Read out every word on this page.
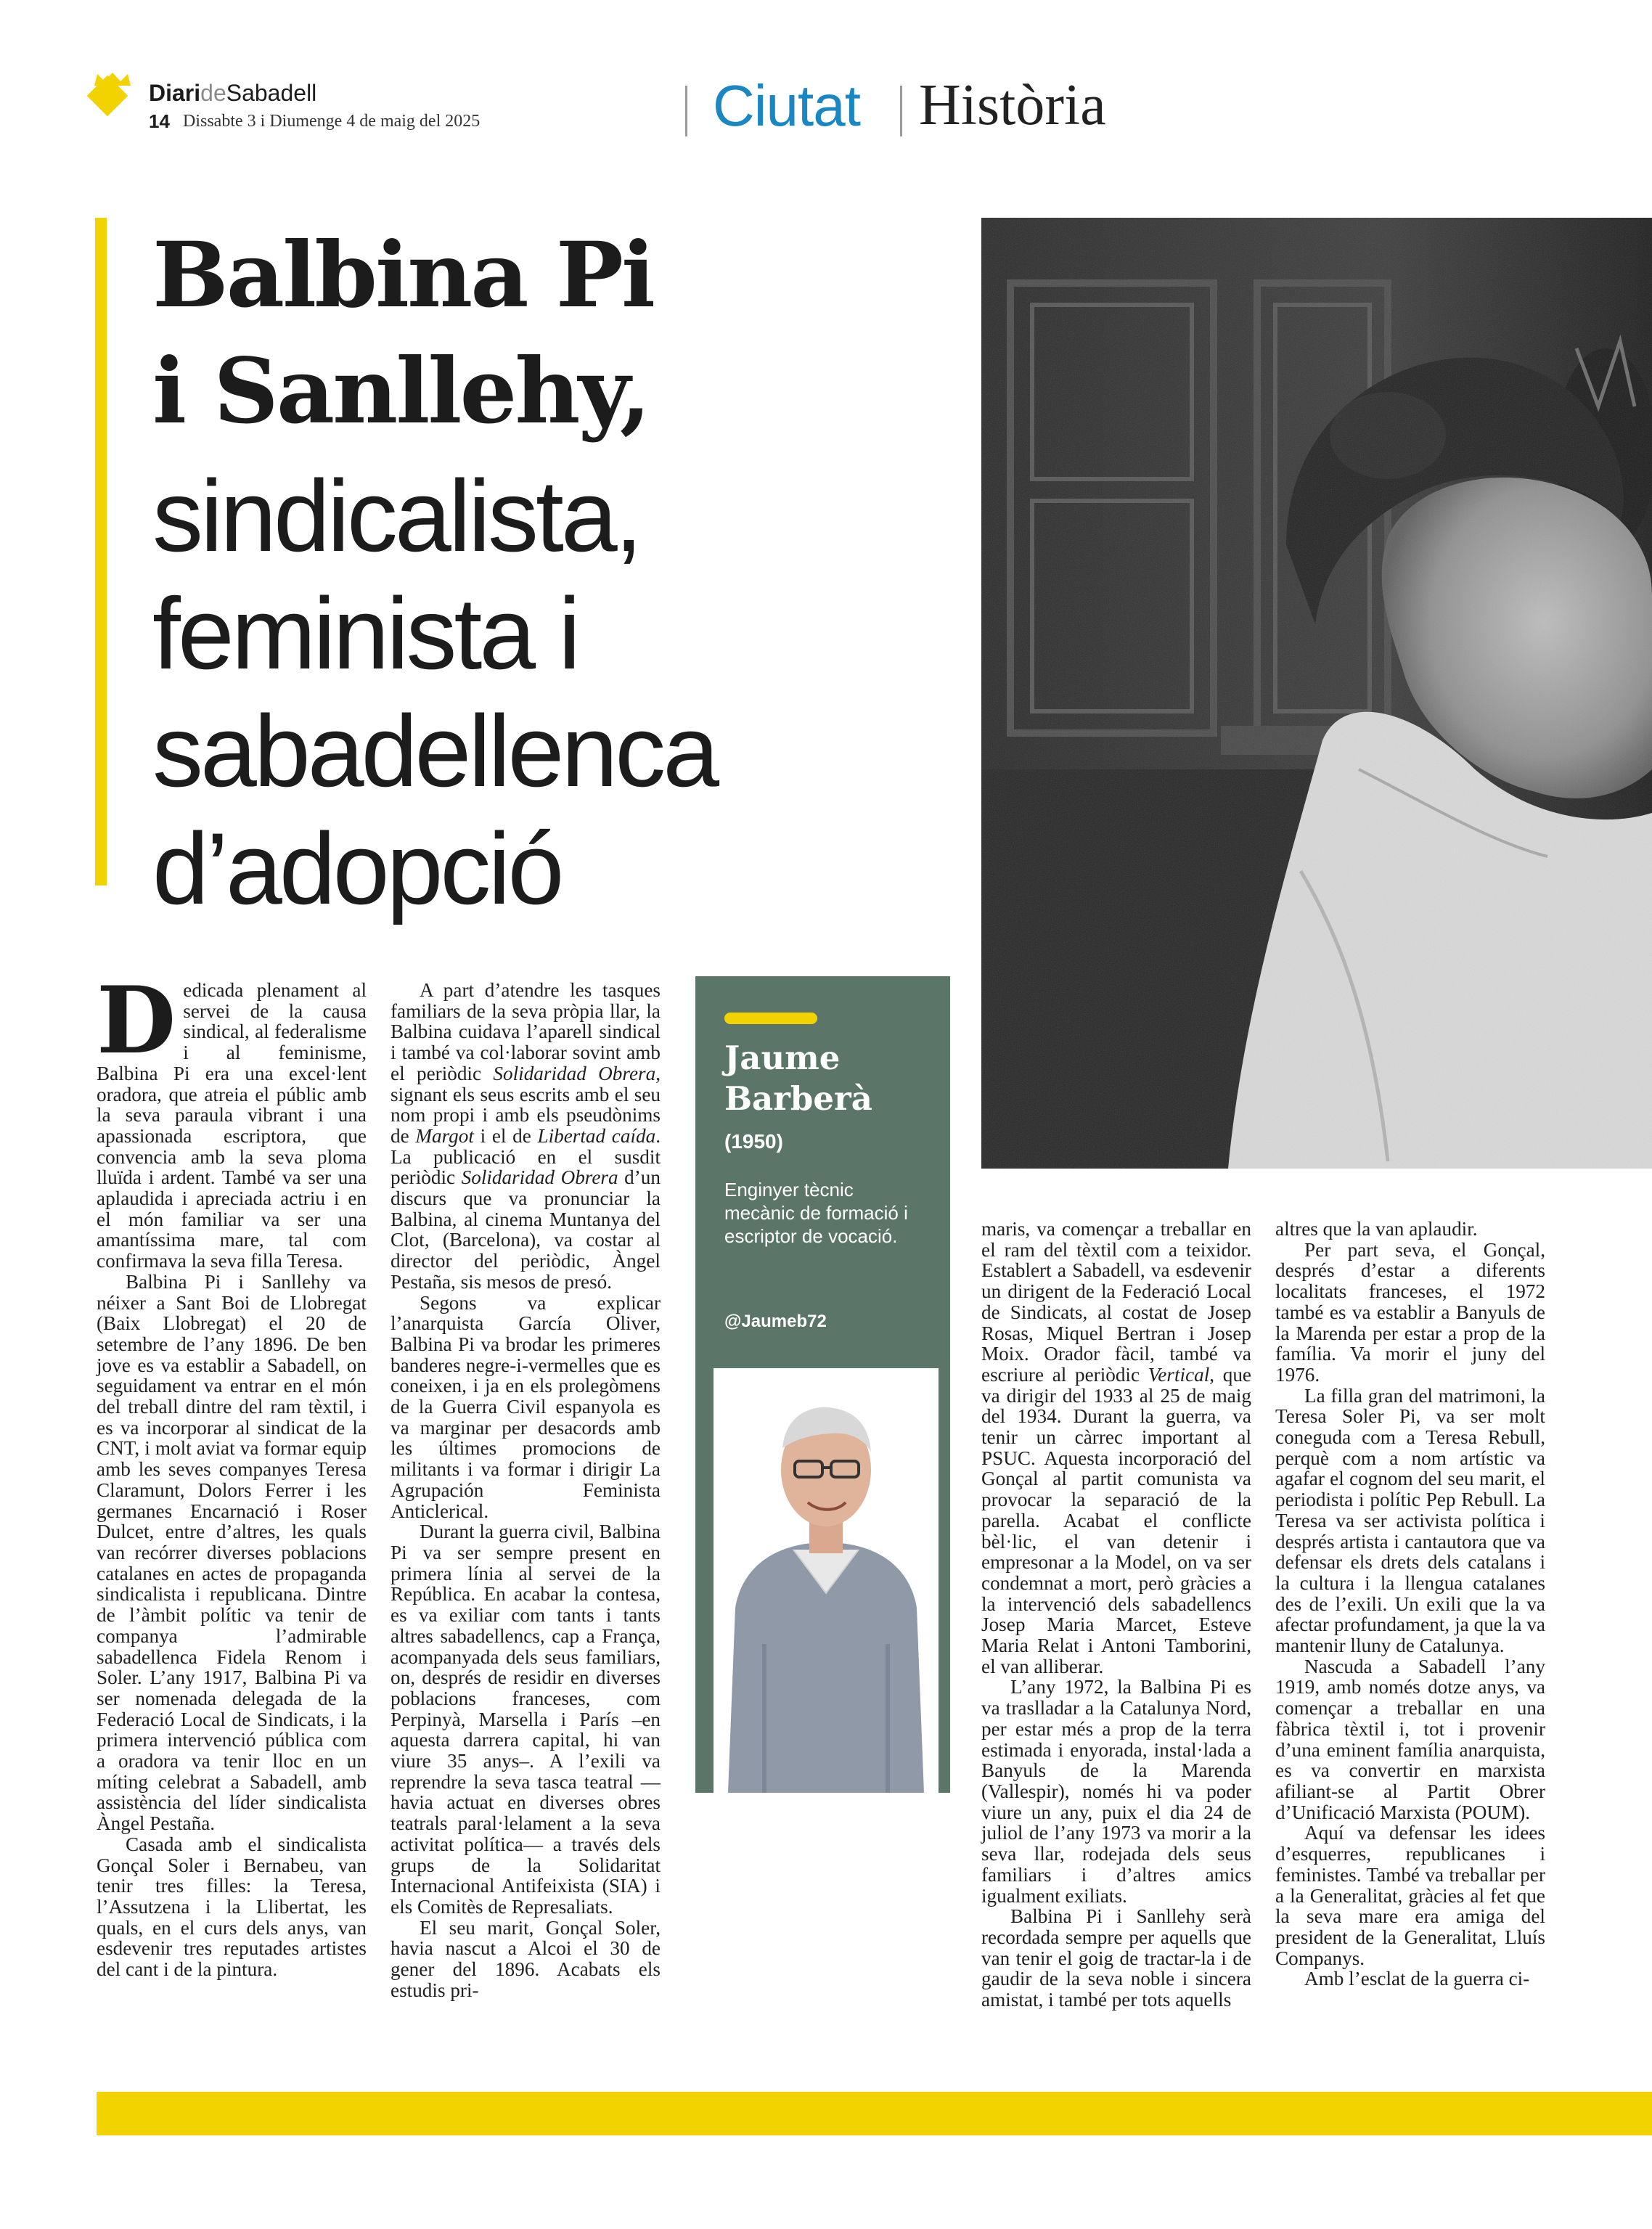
DiarideSabadell
14 Dissabte 3 i Diumenge 4 de maig del 2025	Ciutat Història
Balbina Pi
i Sanllehy,
sindicalista,
feminista i
sabadellenca
d’adopció
Jaume Barberà
(1950)
Enginyer tècnic mecànic de formació i escriptor de vocació.
@Jaumeb72

Dedicada plenament al servei de la causa sindical, al federalisme i al feminisme, Balbina Pi era una excel·lent oradora, que atreia el públic amb la seva paraula vibrant i una apassionada escriptora, que convencia amb la seva ploma lluïda i ardent. També va ser una aplaudida i apreciada actriu i en el món familiar va ser una amantíssima mare, tal com confirmava la seva filla Teresa.

Balbina Pi i Sanllehy va néixer a Sant Boi de Llobregat (Baix Llobregat) el 20 de setembre de l’any 1896. De ben jove es va establir a Sabadell, on seguidament va entrar en el món del treball dintre del ram tèxtil, i es va incorporar al sindicat de la CNT, i molt aviat va formar equip amb les seves companyes Teresa Claramunt, Dolors Ferrer i les germanes Encarnació i Roser Dulcet, entre d’altres, les quals van recórrer diverses poblacions catalanes en actes de propaganda sindicalista i republicana. Dintre de l’àmbit polític va tenir de companya l’admirable sabadellenca Fidela Renom i Soler. L’any 1917, Balbina Pi va ser nomenada delegada de la Federació Local de Sindicats, i la primera intervenció pública com a oradora va tenir lloc en un míting celebrat a Sabadell, amb assistència del líder sindicalista Àngel Pestaña.

Casada amb el sindicalista Gonçal Soler i Bernabeu, van tenir tres filles: la Teresa, l’Assutzena i la Llibertat, les quals, en el curs dels anys, van esdevenir tres reputades artistes del cant i de la pintura.

A part d’atendre les tasques familiars de la seva pròpia llar, la Balbina cuidava l’aparell sindical i també va col·laborar sovint amb el periòdic Solidaridad Obrera, signant els seus escrits amb el seu nom propi i amb els pseudònims de Margot i el de Libertad caída. La publicació en el susdit periòdic Solidaridad Obrera d’un discurs que va pronunciar la Balbina, al cinema Muntanya del Clot, (Barcelona), va costar al director del periòdic, Àngel Pestaña, sis mesos de presó.

Segons va explicar l’anarquista García Oliver, Balbina Pi va brodar les primeres banderes negre-i-vermelles que es coneixen, i ja en els prolegòmens de la Guerra Civil espanyola es va marginar per desacords amb les últimes promocions de militants i va formar i dirigir La Agrupación Feminista Anticlerical.

Durant la guerra civil, Balbina Pi va ser sempre present en primera línia al servei de la República. En acabar la contesa, es va exiliar com tants i tants altres sabadellencs, cap a França, acompanyada dels seus familiars, on, després de residir en diverses poblacions franceses, com Perpinyà, Marsella i París –en aquesta darrera capital, hi van viure 35 anys–. A l’exili va reprendre la seva tasca teatral —havia actuat en diverses obres teatrals paral·lelament a la seva activitat política— a través dels grups de la Solidaritat Internacional Antifeixista (SIA) i els Comitès de Represaliats.

El seu marit, Gonçal Soler, havia nascut a Alcoi el 30 de gener del 1896. Acabats els estudis pri-

maris, va començar a treballar en el ram del tèxtil com a teixidor. Establert a Sabadell, va esdevenir un dirigent de la Federació Local de Sindicats, al costat de Josep Rosas, Miquel Bertran i Josep Moix. Orador fàcil, també va escriure al periòdic Vertical, que va dirigir del 1933 al 25 de maig del 1934. Durant la guerra, va tenir un càrrec important al PSUC. Aquesta incorporació del Gonçal al partit comunista va provocar la separació de la parella. Acabat el conflicte bèl·lic, el van detenir i empresonar a la Model, on va ser condemnat a mort, però gràcies a la intervenció dels sabadellencs Josep Maria Marcet, Esteve Maria Relat i Antoni Tamborini, el van alliberar.

L’any 1972, la Balbina Pi es va traslladar a la Catalunya Nord, per estar més a prop de la terra estimada i enyorada, instal·lada a Banyuls de la Marenda (Vallespir), només hi va poder viure un any, puix el dia 24 de juliol de l’any 1973 va morir a la seva llar, rodejada dels seus familiars i d’altres amics igualment exiliats.

Balbina Pi i Sanllehy serà recordada sempre per aquells que van tenir el goig de tractar-la i de gaudir de la seva noble i sincera amistat, i també per tots aquells

altres que la van aplaudir.

Per part seva, el Gonçal, després d’estar a diferents localitats franceses, el 1972 també es va establir a Banyuls de la Marenda per estar a prop de la família. Va morir el juny del 1976.

La filla gran del matrimoni, la Teresa Soler Pi, va ser molt coneguda com a Teresa Rebull, perquè com a nom artístic va agafar el cognom del seu marit, el periodista i polític Pep Rebull. La Teresa va ser activista política i després artista i cantautora que va defensar els drets dels catalans i la cultura i la llengua catalanes des de l’exili. Un exili que la va afectar profundament, ja que la va mantenir lluny de Catalunya.

Nascuda a Sabadell l’any 1919, amb només dotze anys, va començar a treballar en una fàbrica tèxtil i, tot i provenir d’una eminent família anarquista, es va convertir en marxista afiliant-se al Partit Obrer d’Unificació Marxista (POUM).

Aquí va defensar les idees d’esquerres, republicanes i feministes. També va treballar per a la Generalitat, gràcies al fet que la seva mare era amiga del president de la Generalitat, Lluís Companys.

Amb l’esclat de la guerra ci-
